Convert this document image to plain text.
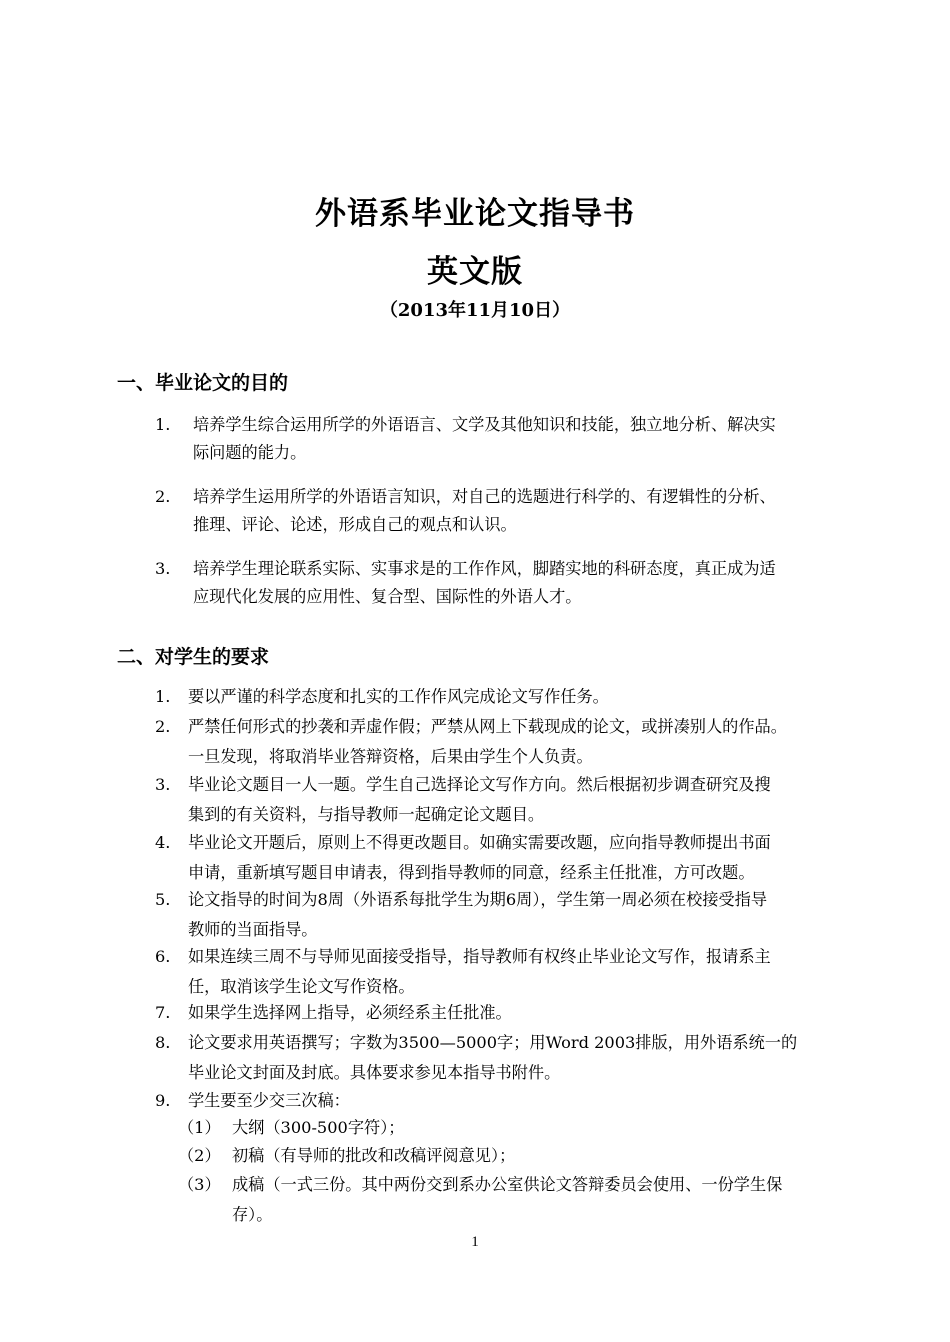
外语系毕业论文指导书
英文版
（2013年11月10日）
一、毕业论文的目的
1. 培养学生综合运用所学的外语语言、文学及其他知识和技能，独立地分析、解决实
际问题的能力。
2. 培养学生运用所学的外语语言知识，对自己的选题进行科学的、有逻辑性的分析、
推理、评论、论述，形成自己的观点和认识。
3. 培养学生理论联系实际、实事求是的工作作风，脚踏实地的科研态度，真正成为适
应现代化发展的应用性、复合型、国际性的外语人才。
二、对学生的要求
1. 要以严谨的科学态度和扎实的工作作风完成论文写作任务。
2. 严禁任何形式的抄袭和弄虚作假；严禁从网上下载现成的论文，或拼凑别人的作品。
一旦发现，将取消毕业答辩资格，后果由学生个人负责。
3. 毕业论文题目一人一题。学生自己选择论文写作方向。然后根据初步调查研究及搜
集到的有关资料，与指导教师一起确定论文题目。
4. 毕业论文开题后，原则上不得更改题目。如确实需要改题，应向指导教师提出书面
申请，重新填写题目申请表，得到指导教师的同意，经系主任批准，方可改题。
5. 论文指导的时间为8周（外语系每批学生为期6周），学生第一周必须在校接受指导
教师的当面指导。
6. 如果连续三周不与导师见面接受指导，指导教师有权终止毕业论文写作，报请系主
任，取消该学生论文写作资格。
7. 如果学生选择网上指导，必须经系主任批准。
8. 论文要求用英语撰写；字数为3500—5000字；用Word 2003排版，用外语系统一的
毕业论文封面及封底。具体要求参见本指导书附件。
9. 学生要至少交三次稿：
（1） 大纲（300-500字符）；
（2） 初稿（有导师的批改和改稿评阅意见）；
（3） 成稿（一式三份。其中两份交到系办公室供论文答辩委员会使用、一份学生保
存）。
1
